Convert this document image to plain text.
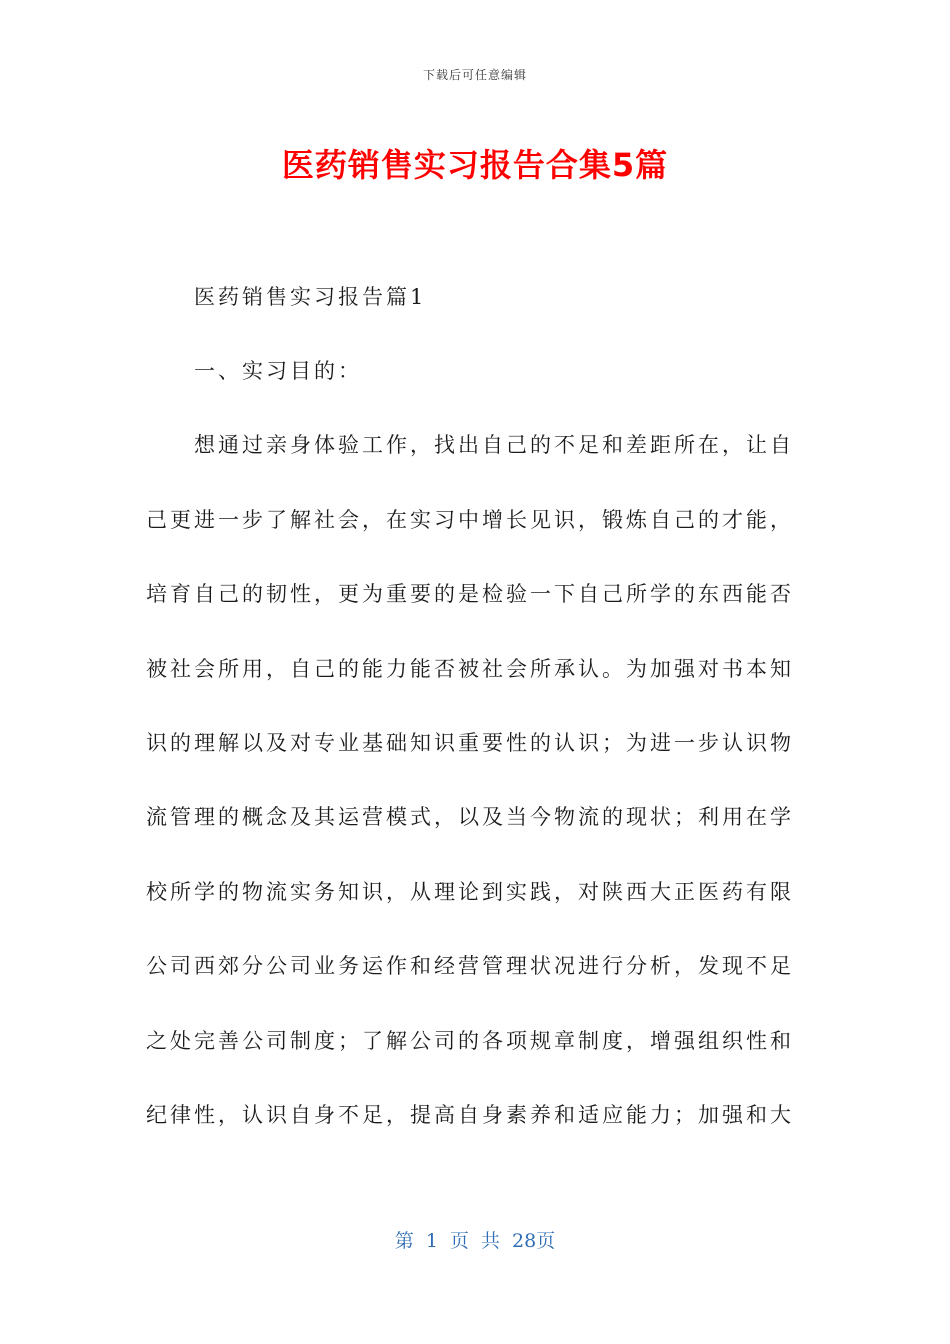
下载后可任意编辑
医药销售实习报告合集5篇
医药销售实习报告篇1
一、实习目的：
想通过亲身体验工作，找出自己的不足和差距所在，让自
己更进一步了解社会，在实习中增长见识，锻炼自己的才能，
培育自己的韧性，更为重要的是检验一下自己所学的东西能否
被社会所用，自己的能力能否被社会所承认。为加强对书本知
识的理解以及对专业基础知识重要性的认识；为进一步认识物
流管理的概念及其运营模式，以及当今物流的现状；利用在学
校所学的物流实务知识，从理论到实践，对陕西大正医药有限
公司西郊分公司业务运作和经营管理状况进行分析，发现不足
之处完善公司制度；了解公司的各项规章制度，增强组织性和
纪律性，认识自身不足，提高自身素养和适应能力；加强和大
第 1 页 共 28页
